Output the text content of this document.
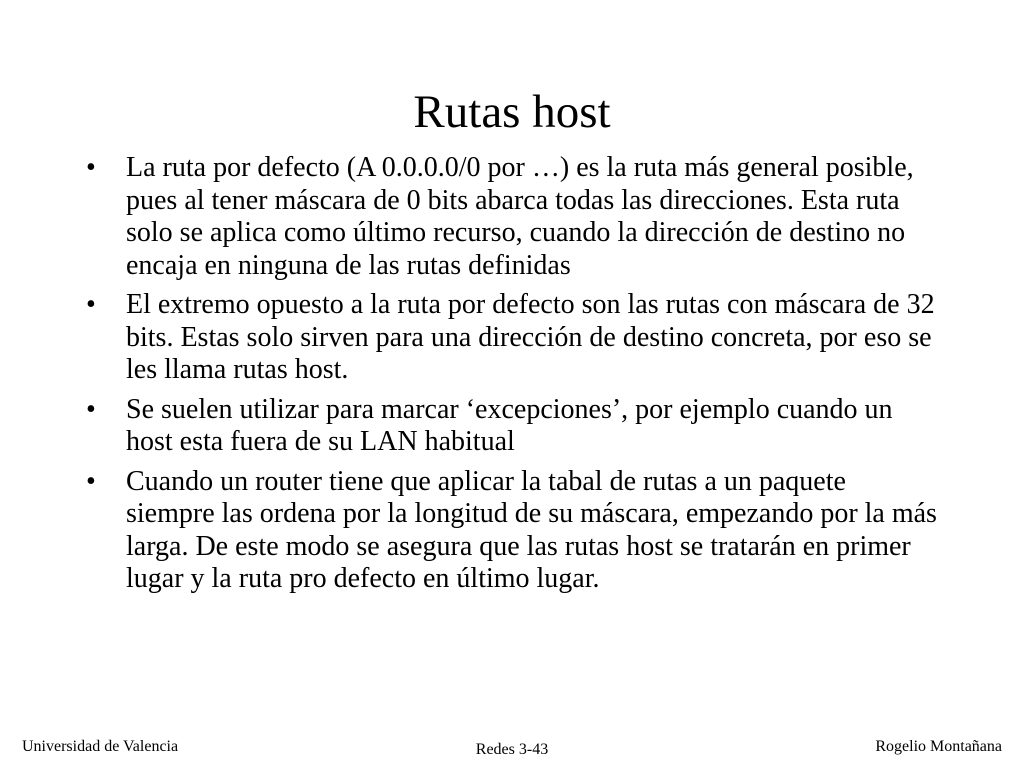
Rutas host
• La ruta por defecto (A 0.0.0.0/0 por …) es la ruta más general posible, pues al tener máscara de 0 bits abarca todas las direcciones. Esta ruta solo se aplica como último recurso, cuando la dirección de destino no encaja en ninguna de las rutas definidas
• El extremo opuesto a la ruta por defecto son las rutas con máscara de 32 bits. Estas solo sirven para una dirección de destino concreta, por eso se les llama rutas host.
• Se suelen utilizar para marcar ‘excepciones’, por ejemplo cuando un host esta fuera de su LAN habitual
• Cuando un router tiene que aplicar la tabal de rutas a un paquete siempre las ordena por la longitud de su máscara, empezando por la más larga. De este modo se asegura que las rutas host se tratarán en primer lugar y la ruta pro defecto en último lugar.
Universidad de Valencia	Redes 3-43	Rogelio Montañana
